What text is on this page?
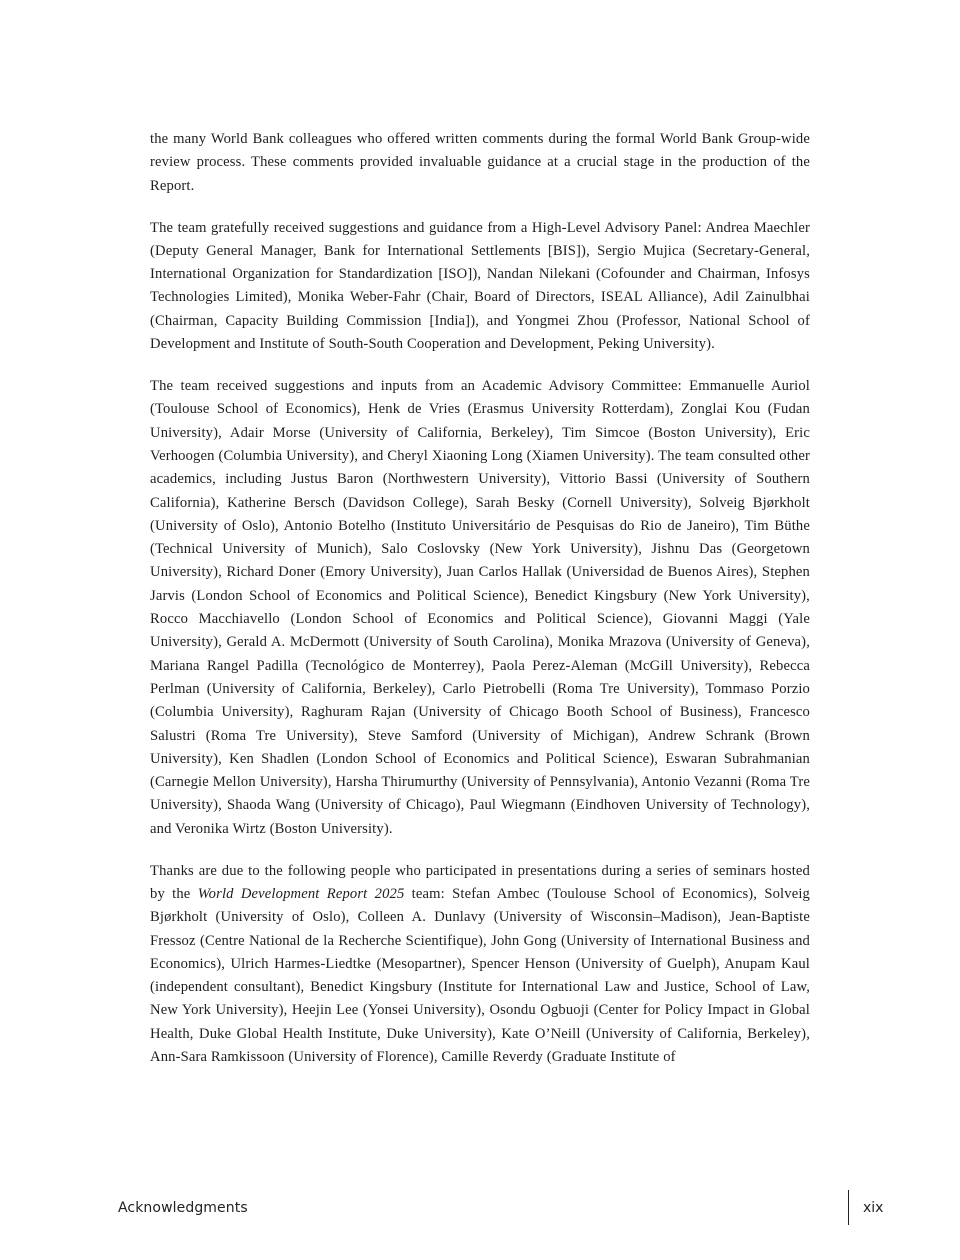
the many World Bank colleagues who offered written comments during the formal World Bank Group-wide review process. These comments provided invaluable guidance at a crucial stage in the production of the Report.

The team gratefully received suggestions and guidance from a High-Level Advisory Panel: Andrea Maechler (Deputy General Manager, Bank for International Settlements [BIS]), Sergio Mujica (Secretary-General, International Organization for Standardization [ISO]), Nandan Nilekani (Cofounder and Chairman, Infosys Technologies Limited), Monika Weber-Fahr (Chair, Board of Directors, ISEAL Alliance), Adil Zainulbhai (Chairman, Capacity Building Commission [India]), and Yongmei Zhou (Professor, National School of Development and Institute of South-South Cooperation and Development, Peking University).

The team received suggestions and inputs from an Academic Advisory Committee: Emmanuelle Auriol (Toulouse School of Economics), Henk de Vries (Erasmus University Rotterdam), Zonglai Kou (Fudan University), Adair Morse (University of California, Berkeley), Tim Simcoe (Boston University), Eric Verhoogen (Columbia University), and Cheryl Xiaoning Long (Xiamen University). The team consulted other academics, including Justus Baron (Northwestern University), Vittorio Bassi (University of Southern California), Katherine Bersch (Davidson College), Sarah Besky (Cornell University), Solveig Bjørkholt (University of Oslo), Antonio Botelho (Instituto Universitário de Pesquisas do Rio de Janeiro), Tim Büthe (Technical University of Munich), Salo Coslovsky (New York University), Jishnu Das (Georgetown University), Richard Doner (Emory University), Juan Carlos Hallak (Universidad de Buenos Aires), Stephen Jarvis (London School of Economics and Political Science), Benedict Kingsbury (New York University), Rocco Macchiavello (London School of Economics and Political Science), Giovanni Maggi (Yale University), Gerald A. McDermott (University of South Carolina), Monika Mrazova (University of Geneva), Mariana Rangel Padilla (Tecnológico de Monterrey), Paola Perez-Aleman (McGill University), Rebecca Perlman (University of California, Berkeley), Carlo Pietrobelli (Roma Tre University), Tommaso Porzio (Columbia University), Raghuram Rajan (University of Chicago Booth School of Business), Francesco Salustri (Roma Tre University), Steve Samford (University of Michigan), Andrew Schrank (Brown University), Ken Shadlen (London School of Economics and Political Science), Eswaran Subrahmanian (Carnegie Mellon University), Harsha Thirumurthy (University of Pennsylvania), Antonio Vezanni (Roma Tre University), Shaoda Wang (University of Chicago), Paul Wiegmann (Eindhoven University of Technology), and Veronika Wirtz (Boston University).

Thanks are due to the following people who participated in presentations during a series of seminars hosted by the World Development Report 2025 team: Stefan Ambec (Toulouse School of Economics), Solveig Bjørkholt (University of Oslo), Colleen A. Dunlavy (University of Wisconsin–Madison), Jean-Baptiste Fressoz (Centre National de la Recherche Scientifique), John Gong (University of International Business and Economics), Ulrich Harmes-Liedtke (Mesopartner), Spencer Henson (University of Guelph), Anupam Kaul (independent consultant), Benedict Kingsbury (Institute for International Law and Justice, School of Law, New York University), Heejin Lee (Yonsei University), Osondu Ogbuoji (Center for Policy Impact in Global Health, Duke Global Health Institute, Duke University), Kate O’Neill (University of California, Berkeley), Ann-Sara Ramkissoon (University of Florence), Camille Reverdy (Graduate Institute of

Acknowledgments	xix
